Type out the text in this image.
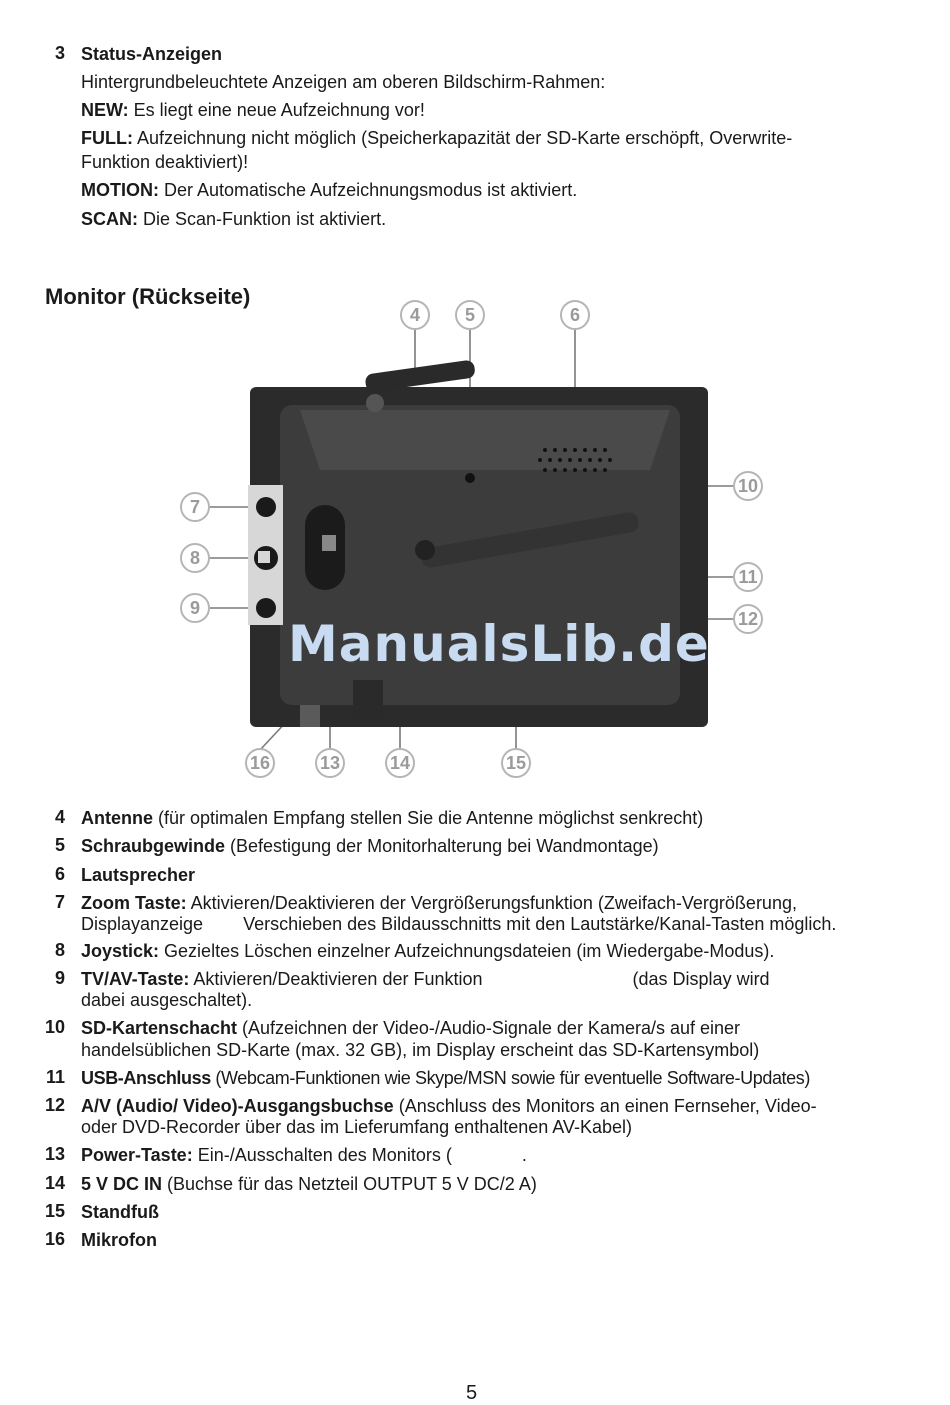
3 Status-Anzeigen
Hintergrundbeleuchtete Anzeigen am oberen Bildschirm-Rahmen:
NEW: Es liegt eine neue Aufzeichnung vor!
FULL: Aufzeichnung nicht möglich (Speicherkapazität der SD-Karte erschöpft, Overwrite-
Funktion deaktiviert)!
MOTION: Der Automatische Aufzeichnungsmodus ist aktiviert.
SCAN: Die Scan-Funktion ist aktiviert.
Monitor (Rückseite)
4 5	6
7
8
9
10
11
12
13	14	15
16
ManualsLib.de
4 Antenne (für optimalen Empfang stellen Sie die Antenne möglichst senkrecht)
5 Schraubgewinde (Befestigung der Monitorhalterung bei Wandmontage)
6 Lautsprecher
7 Zoom Taste: Aktivieren/Deaktivieren der Vergrößerungsfunktion (Zweifach-Vergrößerung,
Displayanzeige        Verschieben des Bildausschnitts mit den Lautstärke/Kanal-Tasten möglich.
8 Joystick: Gezieltes Löschen einzelner Aufzeichnungsdateien (im Wiedergabe-Modus).
9 TV/AV-Taste: Aktivieren/Deaktivieren der Funktion                              (das Display wird
dabei ausgeschaltet).
10 SD-Kartenschacht (Aufzeichnen der Video-/Audio-Signale der Kamera/s auf einer
handelsüblichen SD-Karte (max. 32 GB), im Display erscheint das SD-Kartensymbol)
11 USB-Anschluss (Webcam-Funktionen wie Skype/MSN sowie für eventuelle Software-Updates)
12 A/V (Audio/ Video)-Ausgangsbuchse (Anschluss des Monitors an einen Fernseher, Video-
oder DVD-Recorder über das im Lieferumfang enthaltenen AV-Kabel)
13 Power-Taste: Ein-/Ausschalten des Monitors (              .
14 5 V DC IN (Buchse für das Netzteil OUTPUT 5 V DC/2 A)
15 Standfuß
16 Mikrofon
5
